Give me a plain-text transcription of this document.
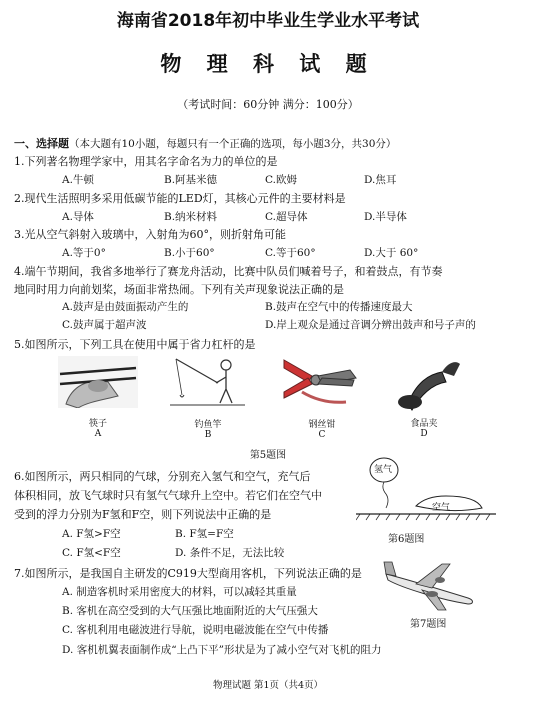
海南省2018年初中毕业生学业水平考试
物 理 科 试 题
（考试时间：60分钟 满分：100分）
一、选择题（本大题有10小题，每题只有一个正确的选项，每小题3分，共30分）
1.下列著名物理学家中，用其名字命名为力的单位的是
A.牛顿	B.阿基米德	C.欧姆	D.焦耳
2.现代生活照明多采用低碳节能的LED灯，其核心元件的主要材料是
A.导体	B.纳米材料	C.超导体	D.半导体
3.光从空气斜射入玻璃中，入射角为60°，则折射角可能
A.等于0°	B.小于60°	C.等于60°	D.大于 60°
4.端午节期间，我省多地举行了赛龙舟活动，比赛中队员们喊着号子，和着鼓点，有节奏
地同时用力向前划桨，场面非常热闹。下列有关声现象说法正确的是
A.鼓声是由鼓面振动产生的	B.鼓声在空气中的传播速度最大
C.鼓声属于超声波	D.岸上观众是通过音调分辨出鼓声和号子声的
5.如图所示，下列工具在使用中属于省力杠杆的是
筷子
A
钓鱼竿
B
钢丝钳
C
食品夹
D
第5题图
6.如图所示，两只相同的气球，分别充入氢气和空气，充气后
体积相同，放飞气球时只有氢气气球升上空中。若它们在空气中
受到的浮力分别为F氢和F空，则下列说法中正确的是
A. F氢>F空	B. F氢=F空
C. F氢<F空	D. 条件不足，无法比较
氢气
空气
第6题图
7.如图所示，是我国自主研发的C919大型商用客机，下列说法正确的是
A. 制造客机时采用密度大的材料，可以减轻其重量
B. 客机在高空受到的大气压强比地面附近的大气压强大
C. 客机利用电磁波进行导航，说明电磁波能在空气中传播
D. 客机机翼表面制作成“上凸下平”形状是为了减小空气对飞机的阻力
第7题图
物理试题 第1页（共4页）
